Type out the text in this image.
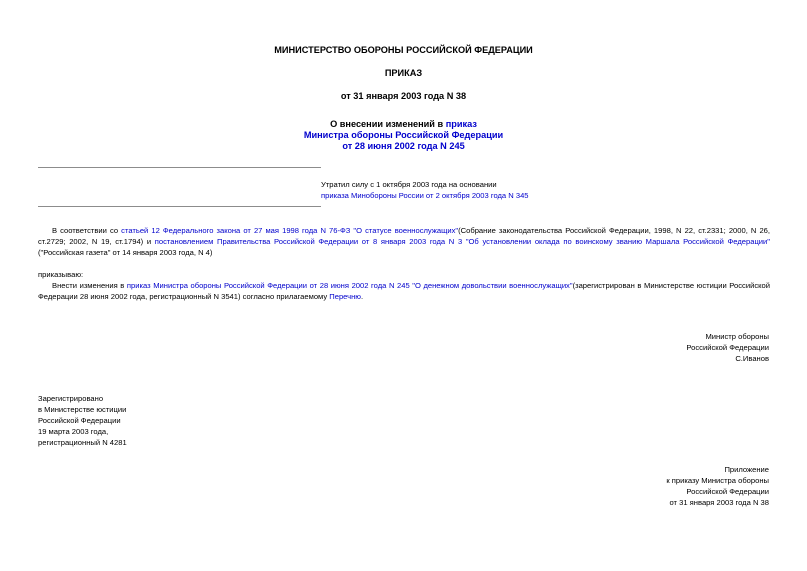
МИНИСТЕРСТВО ОБОРОНЫ РОССИЙСКОЙ ФЕДЕРАЦИИ
ПРИКАЗ
от 31 января 2003 года N 38
О внесении изменений в приказ
Министра обороны Российской Федерации
от 28 июня 2002 года N 245
Утратил силу с 1 октября 2003 года на основании
приказа Минобороны России от 2 октября 2003 года N 345
В соответствии со статьей 12 Федерального закона от 27 мая 1998 года N 76-ФЗ "О статусе военнослужащих"(Собрание законодательства Российской Федерации, 1998, N 22, ст.2331; 2000, N 26, ст.2729; 2002, N 19, ст.1794) и постановлением Правительства Российской Федерации от 8 января 2003 года N 3 "Об установлении оклада по воинскому званию Маршала Российской Федерации"("Российская газета" от 14 января 2003 года, N 4)
приказываю:
Внести изменения в приказ Министра обороны Российской Федерации от 28 июня 2002 года N 245 "О денежном довольствии военнослужащих"(зарегистрирован в Министерстве юстиции Российской Федерации 28 июня 2002 года, регистрационный N 3541) согласно прилагаемому Перечню.
Министр обороны
Российской Федерации
С.Иванов
Зарегистрировано
в Министерстве юстиции
Российской Федерации
19 марта 2003 года,
регистрационный N 4281
Приложение
к приказу Министра обороны
Российской Федерации
от 31 января 2003 года N 38
